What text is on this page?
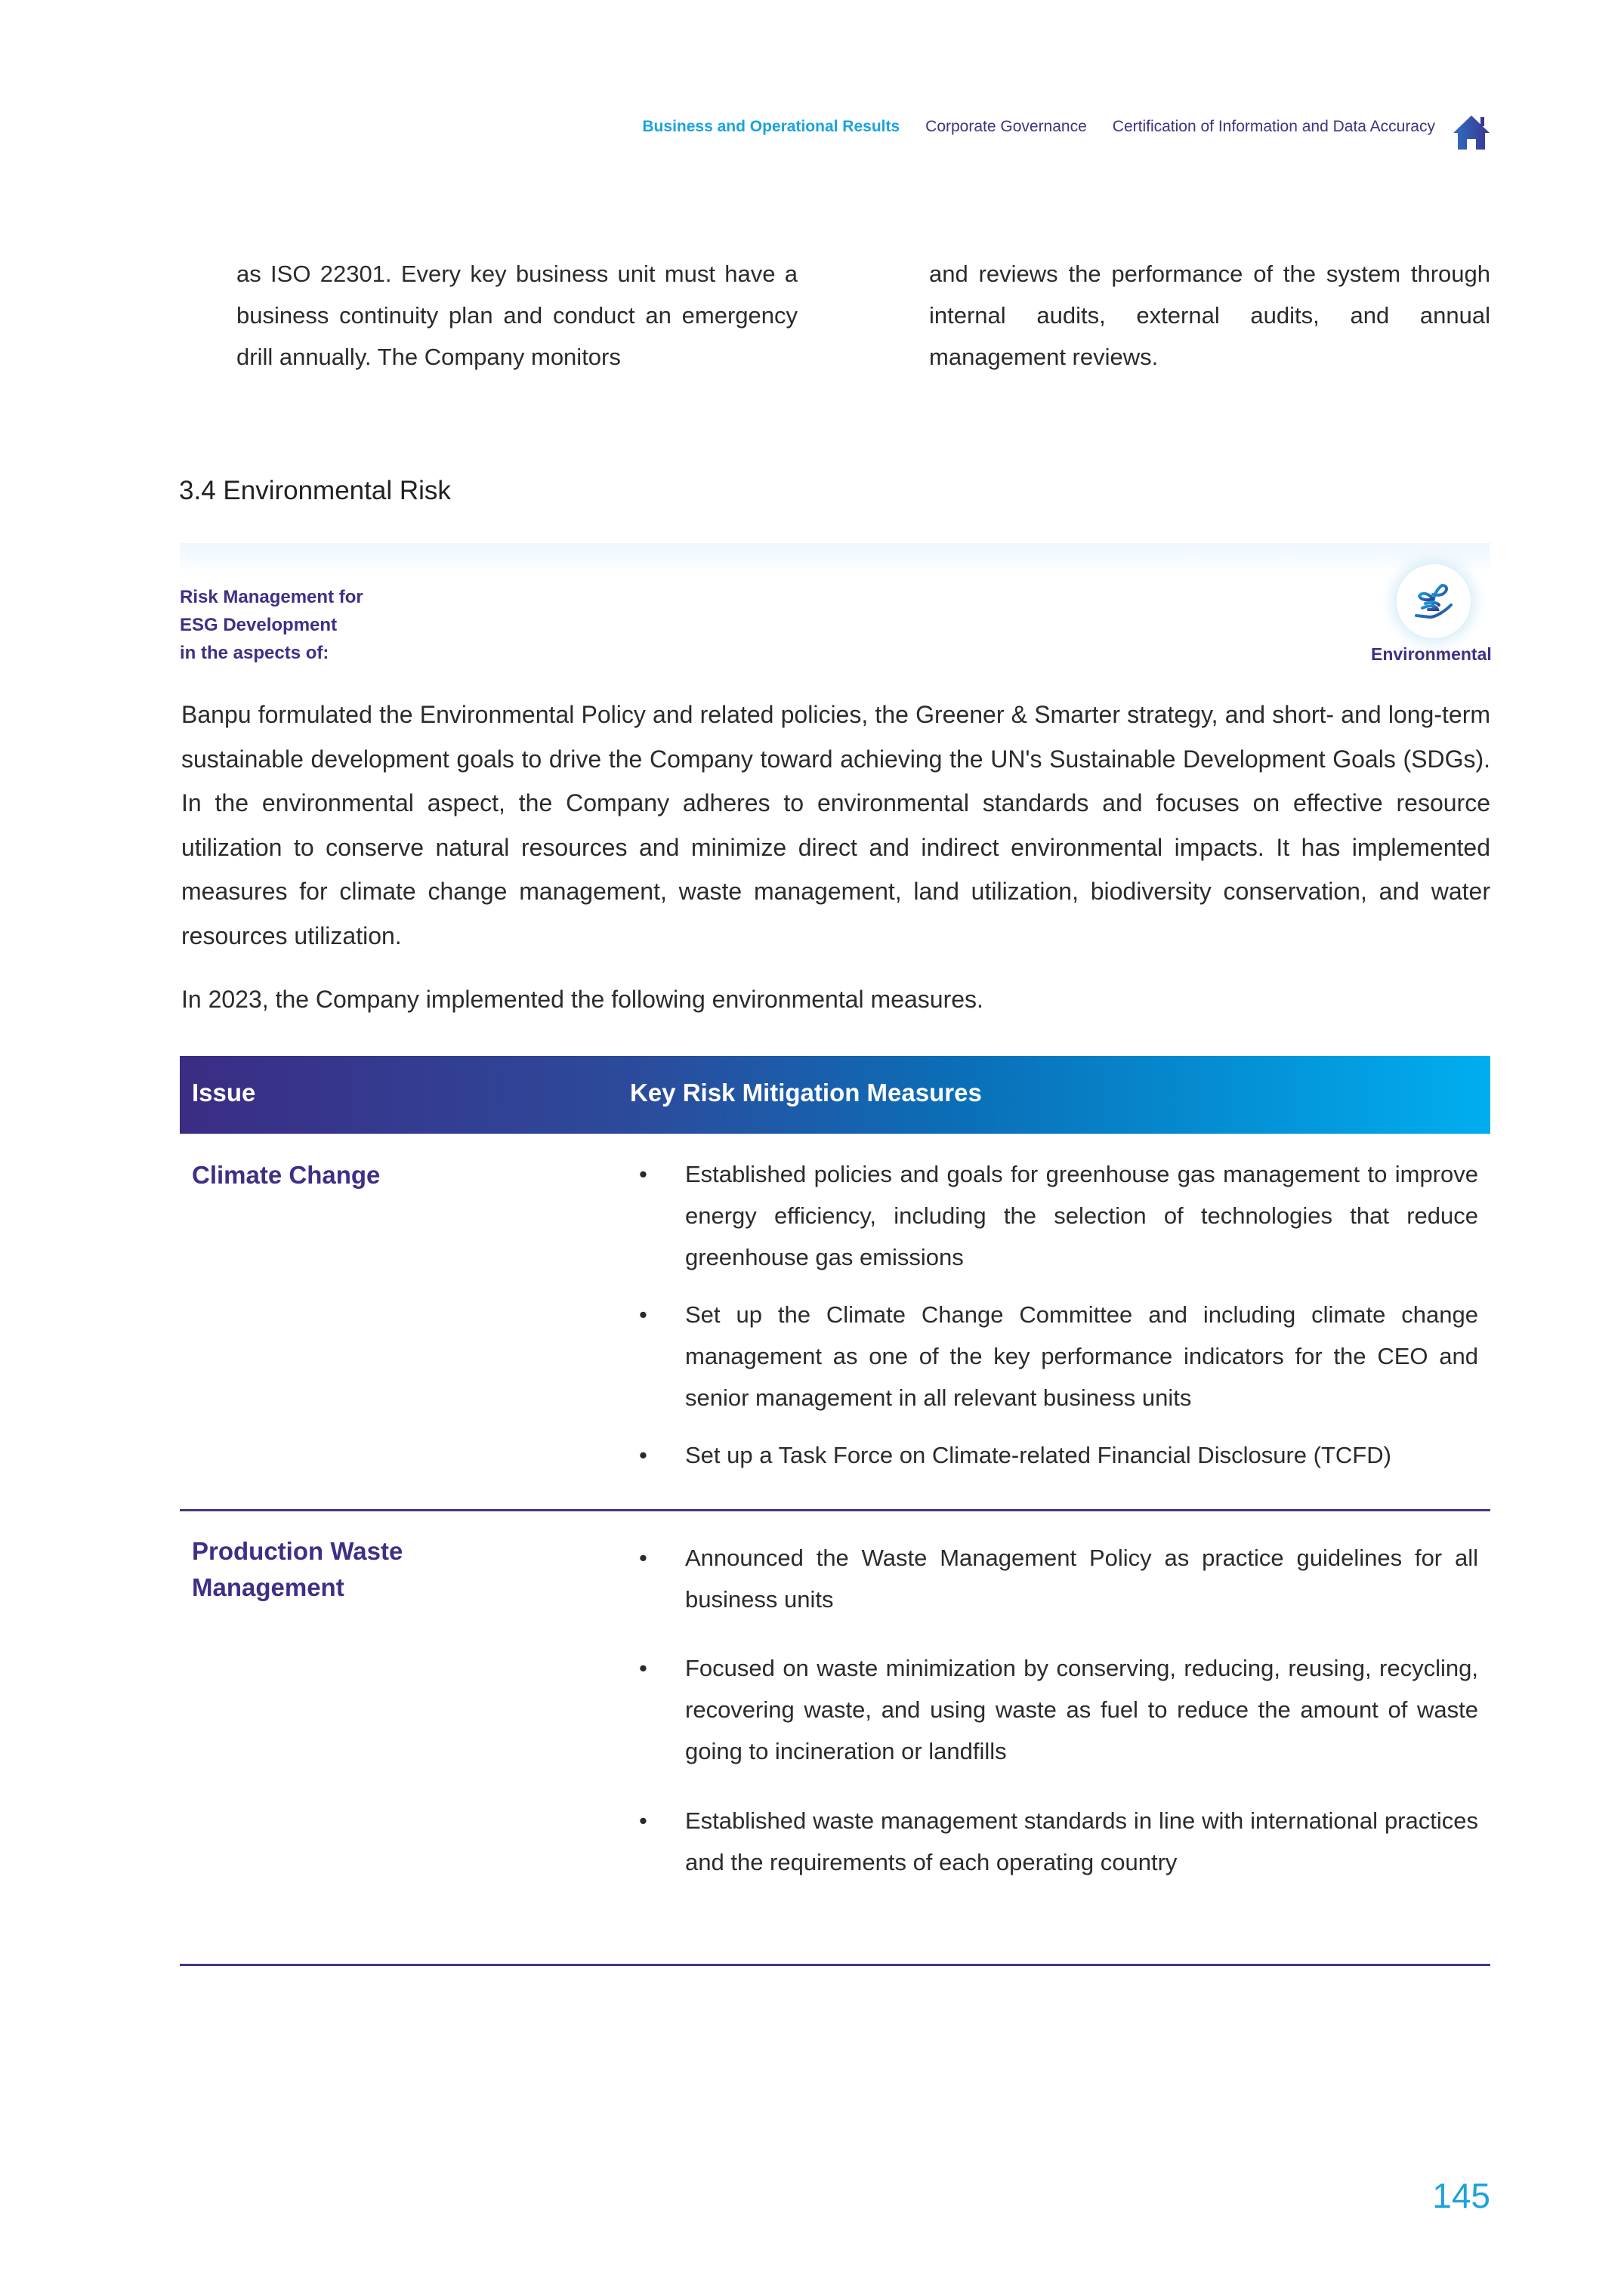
Business and Operational Results Corporate Governance Certification of Information and Data Accuracy
as ISO 22301. Every key business unit must have a business continuity plan and conduct an emergency drill annually. The Company monitors
and reviews the performance of the system through internal audits, external audits, and annual management reviews.
3.4 Environmental Risk
Risk Management for
ESG Development
in the aspects of:	Environmental
Banpu formulated the Environmental Policy and related policies, the Greener & Smarter strategy, and short- and long-term sustainable development goals to drive the Company toward achieving the UN's Sustainable Development Goals (SDGs). In the environmental aspect, the Company adheres to environmental standards and focuses on effective resource utilization to conserve natural resources and minimize direct and indirect environmental impacts. It has implemented measures for climate change management, waste management, land utilization, biodiversity conservation, and water resources utilization.
In 2023, the Company implemented the following environmental measures.
Issue	Key Risk Mitigation Measures
Climate Change	• Established policies and goals for greenhouse gas management to improve energy efficiency, including the selection of technologies that reduce greenhouse gas emissions
• Set up the Climate Change Committee and including climate change management as one of the key performance indicators for the CEO and senior management in all relevant business units
• Set up a Task Force on Climate-related Financial Disclosure (TCFD)
Production Waste Management
• Announced the Waste Management Policy as practice guidelines for all business units
• Focused on waste minimization by conserving, reducing, reusing, recycling, recovering waste, and using waste as fuel to reduce the amount of waste going to incineration or landfills
• Established waste management standards in line with international practices and the requirements of each operating country
145
